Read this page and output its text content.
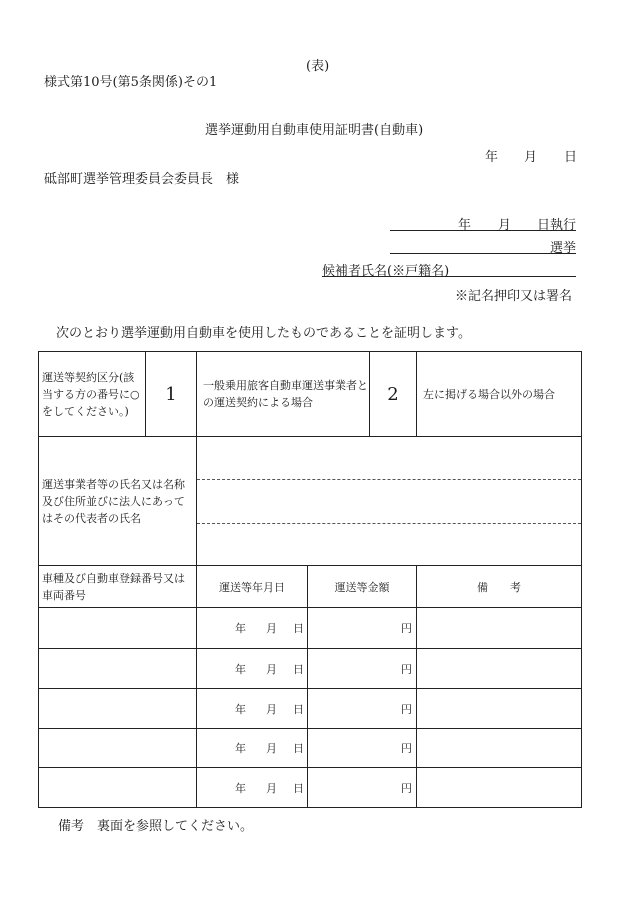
(表)
様式第10号(第5条関係)その1
選挙運動用自動車使用証明書(自動車)
年 月 日
砥部町選挙管理委員会委員長　様
年 月 日執行
選挙
候補者氏名(※戸籍名)
※記名押印又は署名
次のとおり選挙運動用自動車を使用したものであることを証明します。
運送等契約区分(該当する方の番号に○をしてください。)	1	一般乗用旅客自動車運送事業者との運送契約による場合		2	左に掲げる場合以外の場合
運送事業者等の氏名又は名称及び住所並びに法人にあってはその代表者の氏名					

車種及び自動車登録番号又は車両番号		運送等年月日	運送等金額		備　　考
		年 月 日	円		
		年 月 日	円		
		年 月 日	円		
		年 月 日	円		
		年 月 日	円		
備考　裏面を参照してください。
